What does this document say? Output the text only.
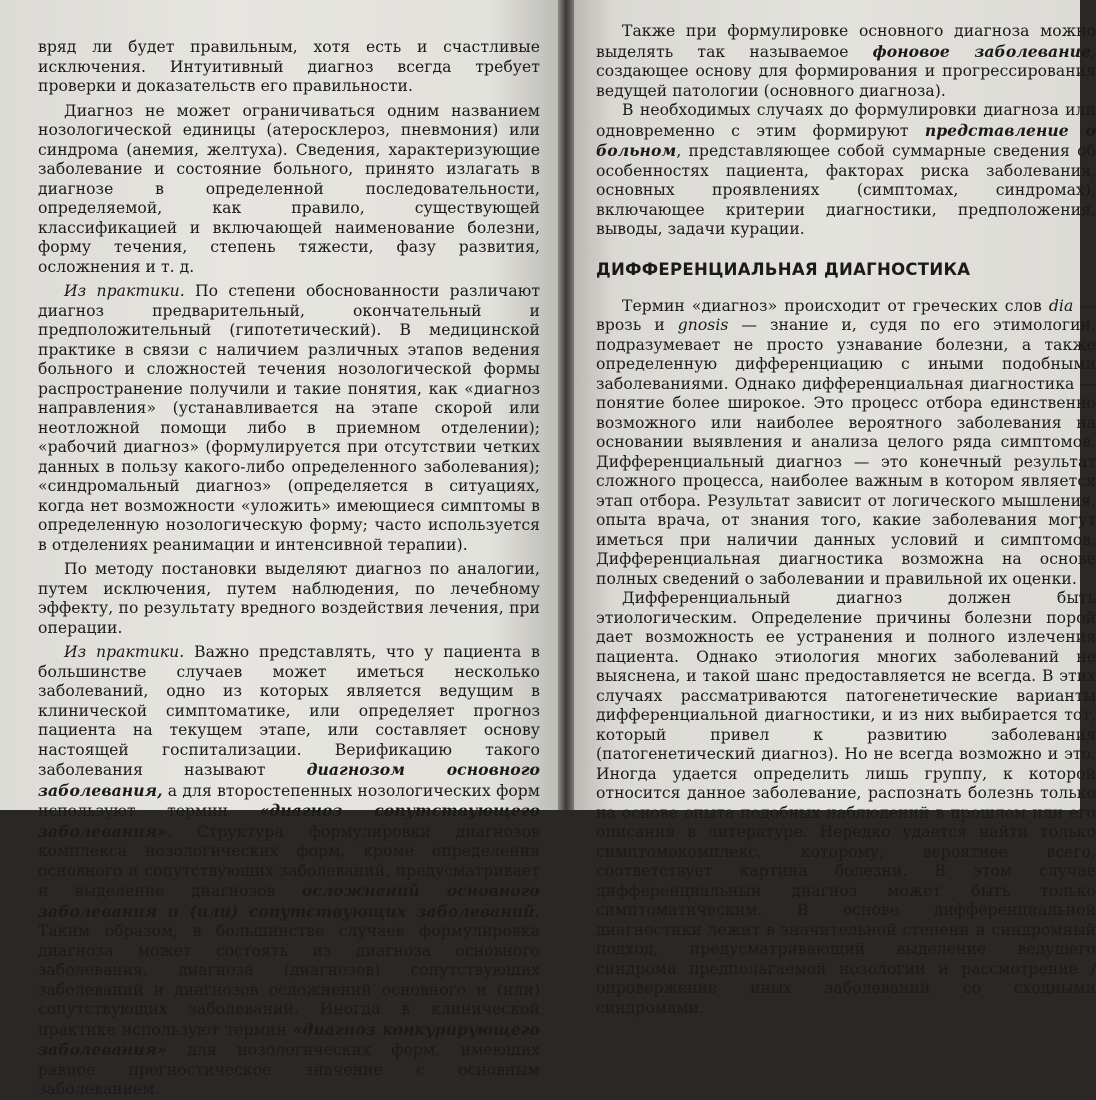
вряд ли будет правильным, хотя есть и счастливые исключения. Интуитивный диагноз всегда требует проверки и доказательств его правильности.

Диагноз не может ограничиваться одним названием нозологической единицы (атеросклероз, пневмония) или синдрома (анемия, желтуха). Сведения, характеризующие заболевание и состояние больного, принято излагать в диагнозе в определенной последовательности, определяемой, как правило, существующей классификацией и включающей наименование болезни, форму течения, степень тяжести, фазу развития, осложнения и т. д.

Из практики. По степени обоснованности различают диагноз предварительный, окончательный и предположительный (гипотетический). В медицинской практике в связи с наличием различных этапов ведения больного и сложностей течения нозологической формы распространение получили и такие понятия, как «диагноз направления» (устанавливается на этапе скорой или неотложной помощи либо в приемном отделении); «рабочий диагноз» (формулируется при отсутствии четких данных в пользу какого-либо определенного заболевания); «синдромальный диагноз» (определяется в ситуациях, когда нет возможности «уложить» имеющиеся симптомы в определенную нозологическую форму; часто используется в отделениях реанимации и интенсивной терапии).

По методу постановки выделяют диагноз по аналогии, путем исключения, путем наблюдения, по лечебному эффекту, по результату вредного воздействия лечения, при операции.

Из практики. Важно представлять, что у пациента в большинстве случаев может иметься несколько заболеваний, одно из которых является ведущим в клинической симптоматике, или определяет прогноз пациента на текущем этапе, или составляет основу настоящей госпитализации. Верификацию такого заболевания называют диагнозом основного заболевания, а для второстепенных нозологических форм используют термин «диагноз сопутствующего заболевания». Структура формулировки диагнозов комплекса нозологических форм, кроме определения основного и сопутствующих заболеваний, предусматривает и выделение диагнозов осложнений основного заболевания и (или) сопутствующих заболеваний. Таким образом, в большинстве случаев формулировка диагноза может состоять из диагноза основного заболевания, диагноза (диагнозов) сопутствующих заболеваний и диагнозов осложнений основного и (или) сопутствующих заболеваний. Иногда в клинической практике используют термин «диагноз конкурирующего заболевания» для нозологических форм, имеющих равное прогностическое значение с основным заболеванием.

Также при формулировке основного диагноза можно выделять так называемое фоновое заболевание, создающее основу для формирования и прогрессирования ведущей патологии (основного диагноза).

В необходимых случаях до формулировки диагноза или одновременно с этим формируют представление о больном, представляющее собой суммарные сведения об особенностях пациента, факторах риска заболевания, основных проявлениях (симптомах, синдромах), включающее критерии диагностики, предположения, выводы, задачи курации.

ДИФФЕРЕНЦИАЛЬНАЯ ДИАГНОСТИКА

Термин «диагноз» происходит от греческих слов dia — врозь и gnosis — знание и, судя по его этимологии, подразумевает не просто узнавание болезни, а также определенную дифференциацию с иными подобными заболеваниями. Однако дифференциальная диагностика — понятие более широкое. Это процесс отбора единственно возможного или наиболее вероятного заболевания на основании выявления и анализа целого ряда симптомов. Дифференциальный диагноз — это конечный результат сложного процесса, наиболее важным в котором является этап отбора. Результат зависит от логического мышления, опыта врача, от знания того, какие заболевания могут иметься при наличии данных условий и симптомов. Дифференциальная диагностика возможна на основе полных сведений о заболевании и правильной их оценки.

Дифференциальный диагноз должен быть этиологическим. Определение причины болезни порой дает возможность ее устранения и полного излечения пациента. Однако этиология многих заболеваний не выяснена, и такой шанс предоставляется не всегда. В этих случаях рассматриваются патогенетические варианты дифференциальной диагностики, и из них выбирается тот, который привел к развитию заболевания (патогенетический диагноз). Но не всегда возможно и это. Иногда удается определить лишь группу, к которой относится данное заболевание, распознать болезнь только на основе опыта подобных наблюдений в прошлом или его описания в литературе. Нередко удается найти только симптомокомплекс, которому, вероятнее всего, соответствует картина болезни. В этом случае дифференциальный диагноз может быть только симптоматическим. В основе дифференциальной диагностики лежит в значительной степени и синдромный подход, предусматривающий выделение ведущего синдрома предполагаемой нозологии и рассмотрение / опровержение иных заболеваний со сходными синдромами.
